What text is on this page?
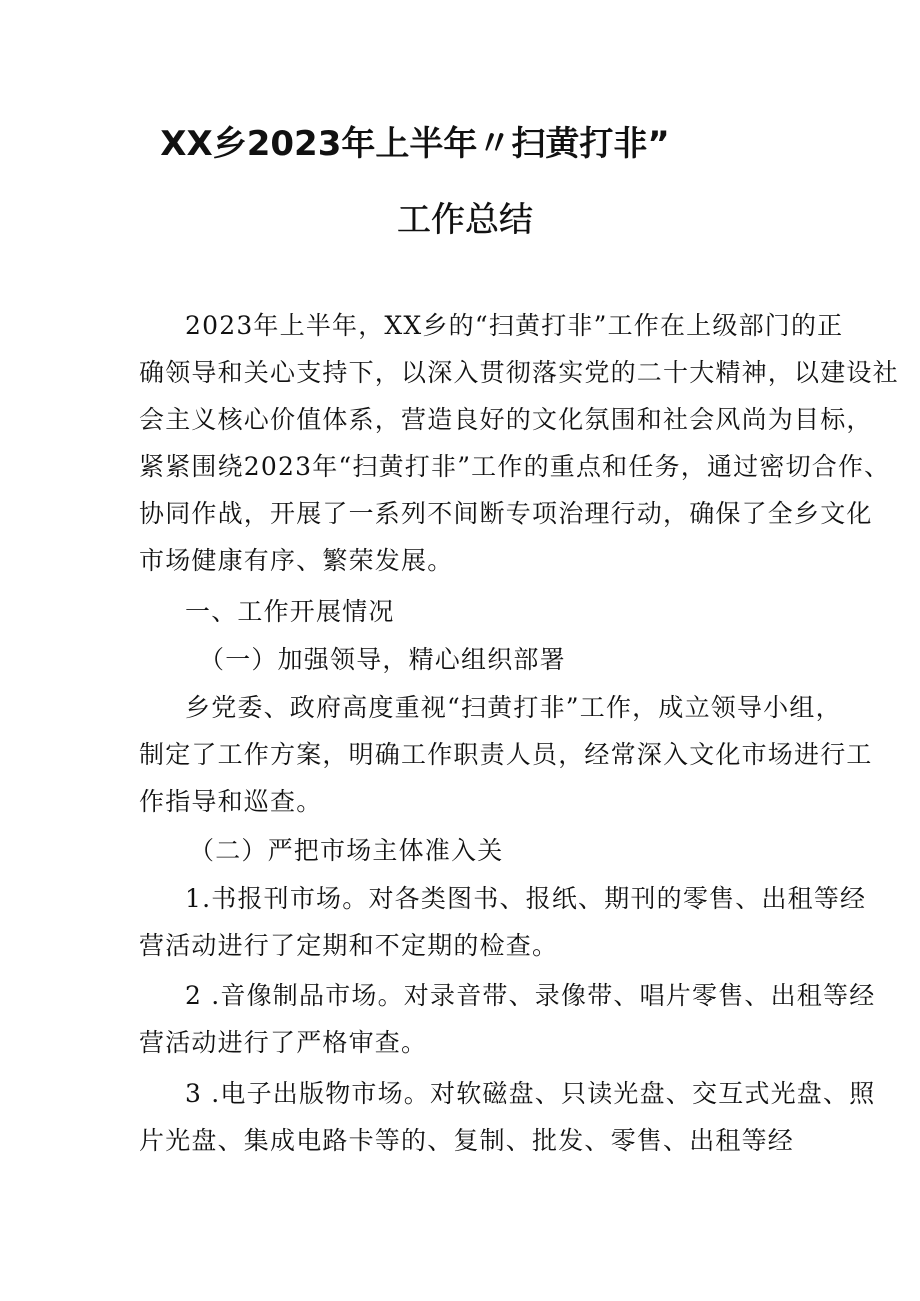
XX乡2023年上半年〃扫黄打非”
工作总结
2023年上半年，XX乡的“扫黄打非”工作在上级部门的正
确领导和关心支持下，以深入贯彻落实党的二十大精神，以建设社
会主义核心价值体系，营造良好的文化氛围和社会风尚为目标，
紧紧围绕2023年“扫黄打非”工作的重点和任务，通过密切合作、
协同作战，开展了一系列不间断专项治理行动，确保了全乡文化
市场健康有序、繁荣发展。

一、工作开展情况

（一）加强领导，精心组织部署

乡党委、政府高度重视“扫黄打非”工作，成立领导小组，
制定了工作方案，明确工作职责人员，经常深入文化市场进行工
作指导和巡查。

（二）严把市场主体准入关

1.书报刊市场。对各类图书、报纸、期刊的零售、出租等经
营活动进行了定期和不定期的检查。
2 .音像制品市场。对录音带、录像带、唱片零售、出租等经
营活动进行了严格审查。
3 .电子出版物市场。对软磁盘、只读光盘、交互式光盘、照
片光盘、集成电路卡等的、复制、批发、零售、出租等经
